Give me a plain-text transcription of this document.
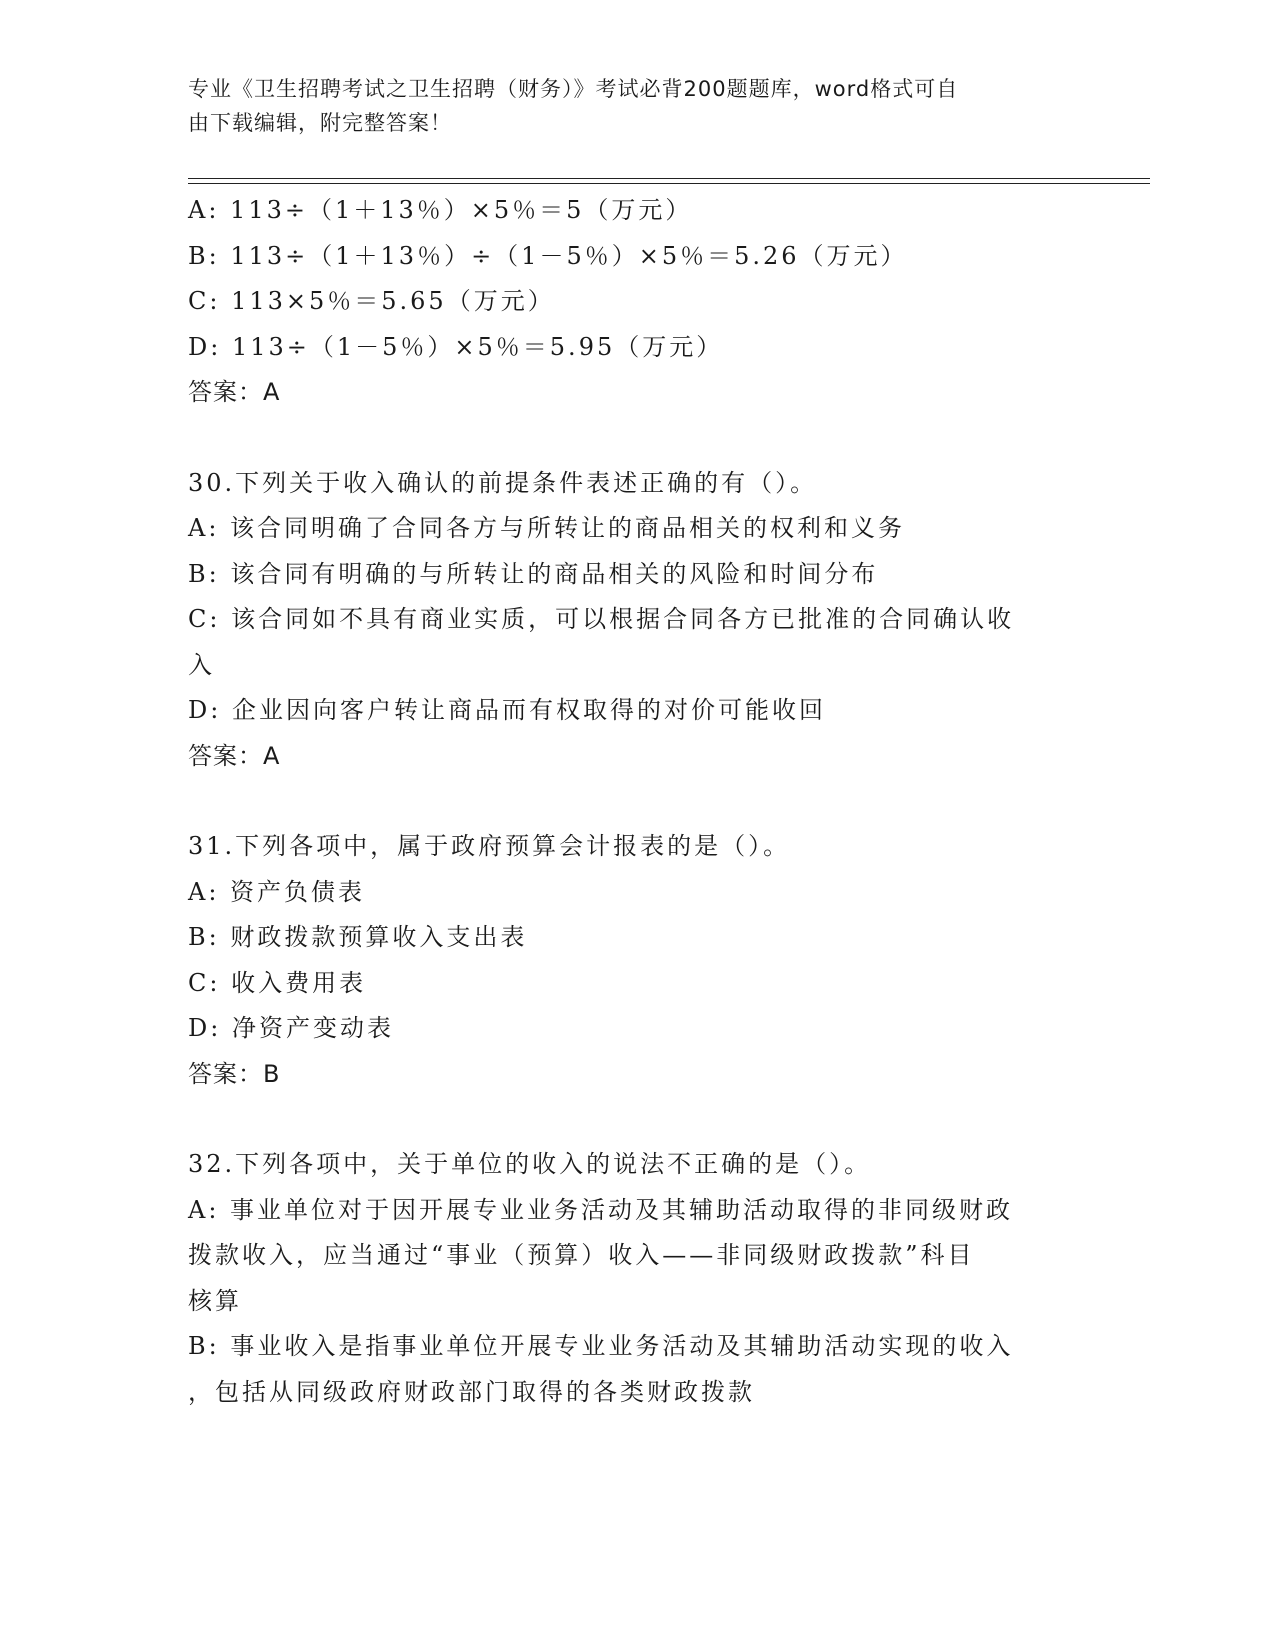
专业《卫生招聘考试之卫生招聘（财务）》考试必背200题题库，word格式可自
由下载编辑，附完整答案！
A: 113÷（1＋13％）×5％＝5（万元）
B: 113÷（1＋13％）÷（1－5％）×5％＝5.26（万元）
C: 113×5％＝5.65（万元）
D: 113÷（1－5％）×5％＝5.95（万元）
答案：A
30.下列关于收入确认的前提条件表述正确的有（）。
A: 该合同明确了合同各方与所转让的商品相关的权利和义务
B: 该合同有明确的与所转让的商品相关的风险和时间分布
C: 该合同如不具有商业实质，可以根据合同各方已批准的合同确认收
入
D: 企业因向客户转让商品而有权取得的对价可能收回
答案：A
31.下列各项中，属于政府预算会计报表的是（）。
A: 资产负债表
B: 财政拨款预算收入支出表
C: 收入费用表
D: 净资产变动表
答案：B
32.下列各项中，关于单位的收入的说法不正确的是（）。
A: 事业单位对于因开展专业业务活动及其辅助活动取得的非同级财政
拨款收入，应当通过“事业（预算）收入——非同级财政拨款”科目
核算
B: 事业收入是指事业单位开展专业业务活动及其辅助活动实现的收入
，包括从同级政府财政部门取得的各类财政拨款
